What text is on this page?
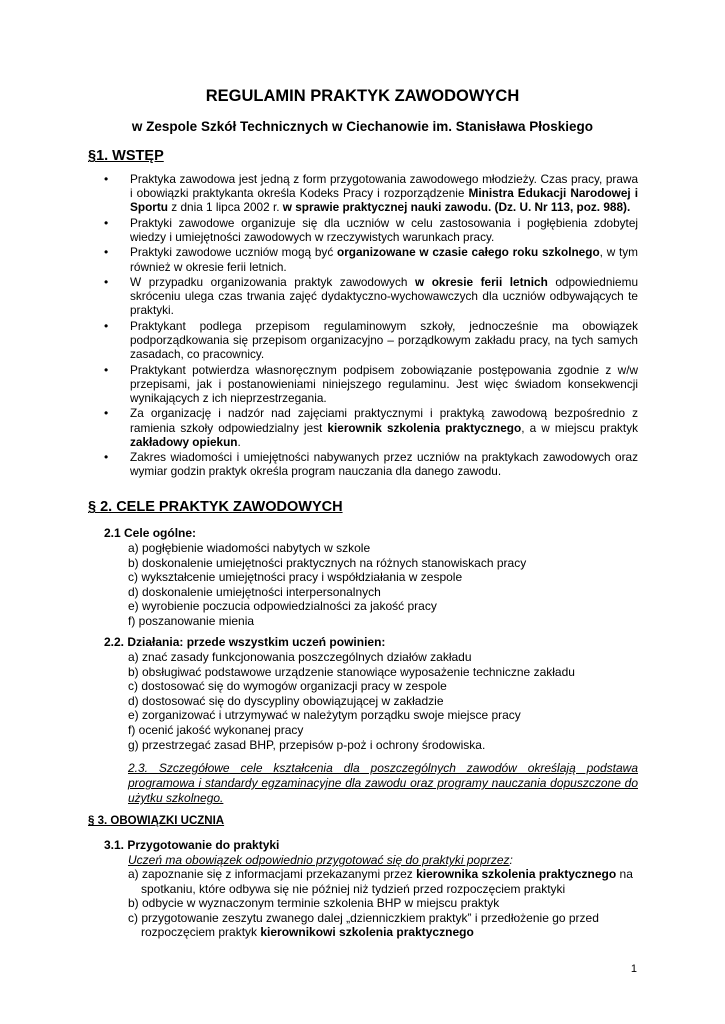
REGULAMIN PRAKTYK ZAWODOWYCH
w Zespole Szkół Technicznych w Ciechanowie im. Stanisława Płoskiego
§1. WSTĘP
• Praktyka zawodowa jest jedną z form przygotowania zawodowego młodzieży. Czas pracy, prawa i obowiązki praktykanta określa Kodeks Pracy i rozporządzenie Ministra Edukacji Narodowej i Sportu z dnia 1 lipca 2002 r. w sprawie praktycznej nauki zawodu. (Dz. U. Nr 113, poz. 988).
• Praktyki zawodowe organizuje się dla uczniów w celu zastosowania i pogłębienia zdobytej wiedzy i umiejętności zawodowych w rzeczywistych warunkach pracy.
• Praktyki zawodowe uczniów mogą być organizowane w czasie całego roku szkolnego, w tym również w okresie ferii letnich.
• W przypadku organizowania praktyk zawodowych w okresie ferii letnich odpowiedniemu skróceniu ulega czas trwania zajęć dydaktyczno-wychowawczych dla uczniów odbywających te praktyki.
• Praktykant podlega przepisom regulaminowym szkoły, jednocześnie ma obowiązek podporządkowania się przepisom organizacyjno – porządkowym zakładu pracy, na tych samych zasadach, co pracownicy.
• Praktykant potwierdza własnoręcznym podpisem zobowiązanie postępowania zgodnie z w/w przepisami, jak i postanowieniami niniejszego regulaminu. Jest więc świadom konsekwencji wynikających z ich nieprzestrzegania.
• Za organizację i nadzór nad zajęciami praktycznymi i praktyką zawodową bezpośrednio z ramienia szkoły odpowiedzialny jest kierownik szkolenia praktycznego, a w miejscu praktyk zakładowy opiekun.
• Zakres wiadomości i umiejętności nabywanych przez uczniów na praktykach zawodowych oraz wymiar godzin praktyk określa program nauczania dla danego zawodu.
§ 2. CELE PRAKTYK ZAWODOWYCH
2.1 Cele ogólne:
a) pogłębienie wiadomości nabytych w szkole
b) doskonalenie umiejętności praktycznych na różnych stanowiskach pracy
c) wykształcenie umiejętności pracy i współdziałania w zespole
d) doskonalenie umiejętności interpersonalnych
e) wyrobienie poczucia odpowiedzialności za jakość pracy
f) poszanowanie mienia
2.2. Działania: przede wszystkim uczeń powinien:
a) znać zasady funkcjonowania poszczególnych działów zakładu
b) obsługiwać podstawowe urządzenie stanowiące wyposażenie techniczne zakładu
c) dostosować się do wymogów organizacji pracy w zespole
d) dostosować się do dyscypliny obowiązującej w zakładzie
e) zorganizować i utrzymywać w należytym porządku swoje miejsce pracy
f) ocenić jakość wykonanej pracy
g) przestrzegać zasad BHP, przepisów p-poż i ochrony środowiska.
2.3. Szczegółowe cele kształcenia dla poszczególnych zawodów określają podstawa programowa i standardy egzaminacyjne dla zawodu oraz programy nauczania dopuszczone do użytku szkolnego.
§ 3. OBOWIĄZKI UCZNIA
3.1. Przygotowanie do praktyki
Uczeń ma obowiązek odpowiednio przygotować się do praktyki poprzez:
a) zapoznanie się z informacjami przekazanymi przez kierownika szkolenia praktycznego na spotkaniu, które odbywa się nie później niż tydzień przed rozpoczęciem praktyki
b) odbycie w wyznaczonym terminie szkolenia BHP w miejscu praktyk
c) przygotowanie zeszytu zwanego dalej „dzienniczkiem praktyk” i przedłożenie go przed rozpoczęciem praktyk kierownikowi szkolenia praktycznego
1
